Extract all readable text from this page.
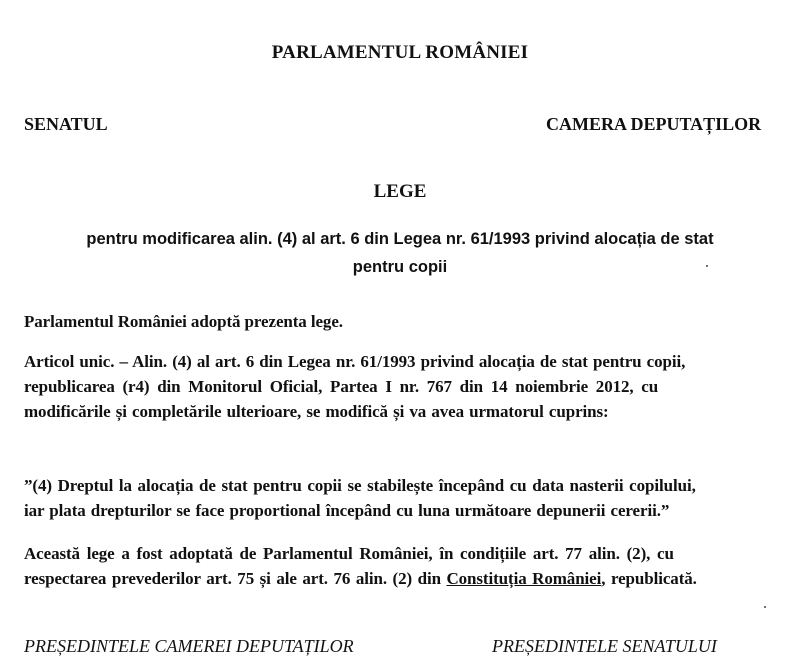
PARLAMENTUL ROMÂNIEI
SENATUL	CAMERA DEPUTAȚILOR
LEGE
pentru modificarea alin. (4) al art. 6 din Legea nr. 61/1993 privind alocația de stat
pentru copii
Parlamentul României adoptă prezenta lege.
Articol unic. – Alin. (4) al art. 6 din Legea nr. 61/1993 privind alocația de stat pentru copii,
republicarea (r4) din Monitorul Oficial, Partea I nr. 767 din 14 noiembrie 2012, cu
modificările și completările ulterioare, se modifică și va avea urmatorul cuprins:
”(4) Dreptul la alocația de stat pentru copii se stabilește începând cu data nasterii copilului,
iar plata drepturilor se face proportional începând cu luna următoare depunerii cererii.”
Această lege a fost adoptată de Parlamentul României, în condițiile art. 77 alin. (2), cu
respectarea prevederilor art. 75 și ale art. 76 alin. (2) din Constituția României, republicată.
PREȘEDINTELE CAMEREI DEPUTAȚILOR	PREȘEDINTELE SENATULUI
